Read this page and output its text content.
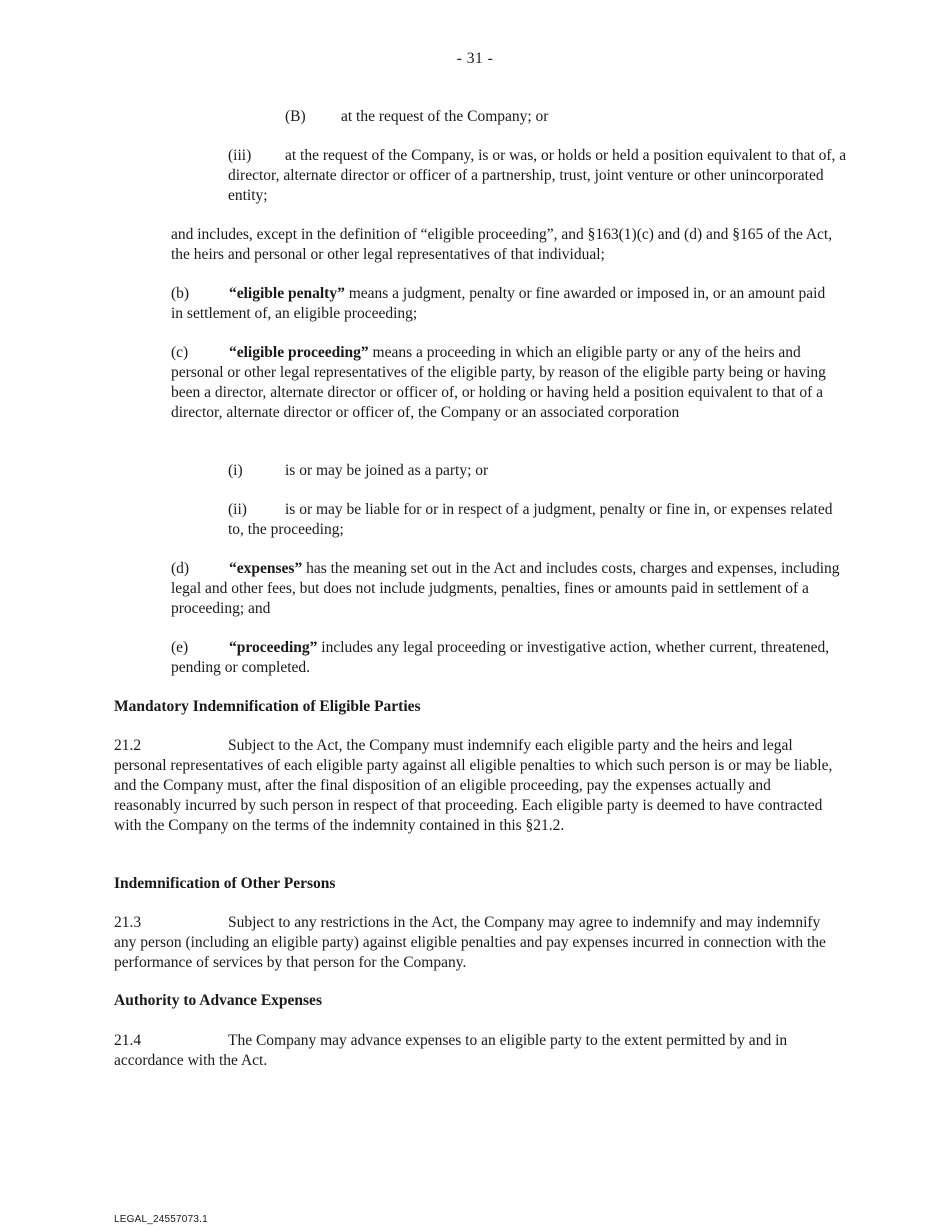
- 31 -

(B) at the request of the Company; or

(iii) at the request of the Company, is or was, or holds or held a position equivalent to that of, a director, alternate director or officer of a partnership, trust, joint venture or other unincorporated entity;

and includes, except in the definition of “eligible proceeding”, and §163(1)(c) and (d) and §165 of the Act, the heirs and personal or other legal representatives of that individual;

(b)	“eligible penalty” means a judgment, penalty or fine awarded or imposed in, or an amount paid in settlement of, an eligible proceeding;

(c)	“eligible proceeding” means a proceeding in which an eligible party or any of the heirs and personal or other legal representatives of the eligible party, by reason of the eligible party being or having been a director, alternate director or officer of, or holding or having held a position equivalent to that of a director, alternate director or officer of, the Company or an associated corporation

(i)	is or may be joined as a party; or

(ii) is or may be liable for or in respect of a judgment, penalty or fine in, or expenses related to, the proceeding;

(d)	“expenses” has the meaning set out in the Act and includes costs, charges and expenses, including legal and other fees, but does not include judgments, penalties, fines or amounts paid in settlement of a proceeding; and

(e)	“proceeding” includes any legal proceeding or investigative action, whether current, threatened, pending or completed.

Mandatory Indemnification of Eligible Parties

21.2	Subject to the Act, the Company must indemnify each eligible party and the heirs and legal personal representatives of each eligible party against all eligible penalties to which such person is or may be liable, and the Company must, after the final disposition of an eligible proceeding, pay the expenses actually and reasonably incurred by such person in respect of that proceeding. Each eligible party is deemed to have contracted with the Company on the terms of the indemnity contained in this §21.2.

Indemnification of Other Persons

21.3	Subject to any restrictions in the Act, the Company may agree to indemnify and may indemnify any person (including an eligible party) against eligible penalties and pay expenses incurred in connection with the performance of services by that person for the Company.

Authority to Advance Expenses

21.4	The Company may advance expenses to an eligible party to the extent permitted by and in accordance with the Act.

LEGAL_24557073.1
